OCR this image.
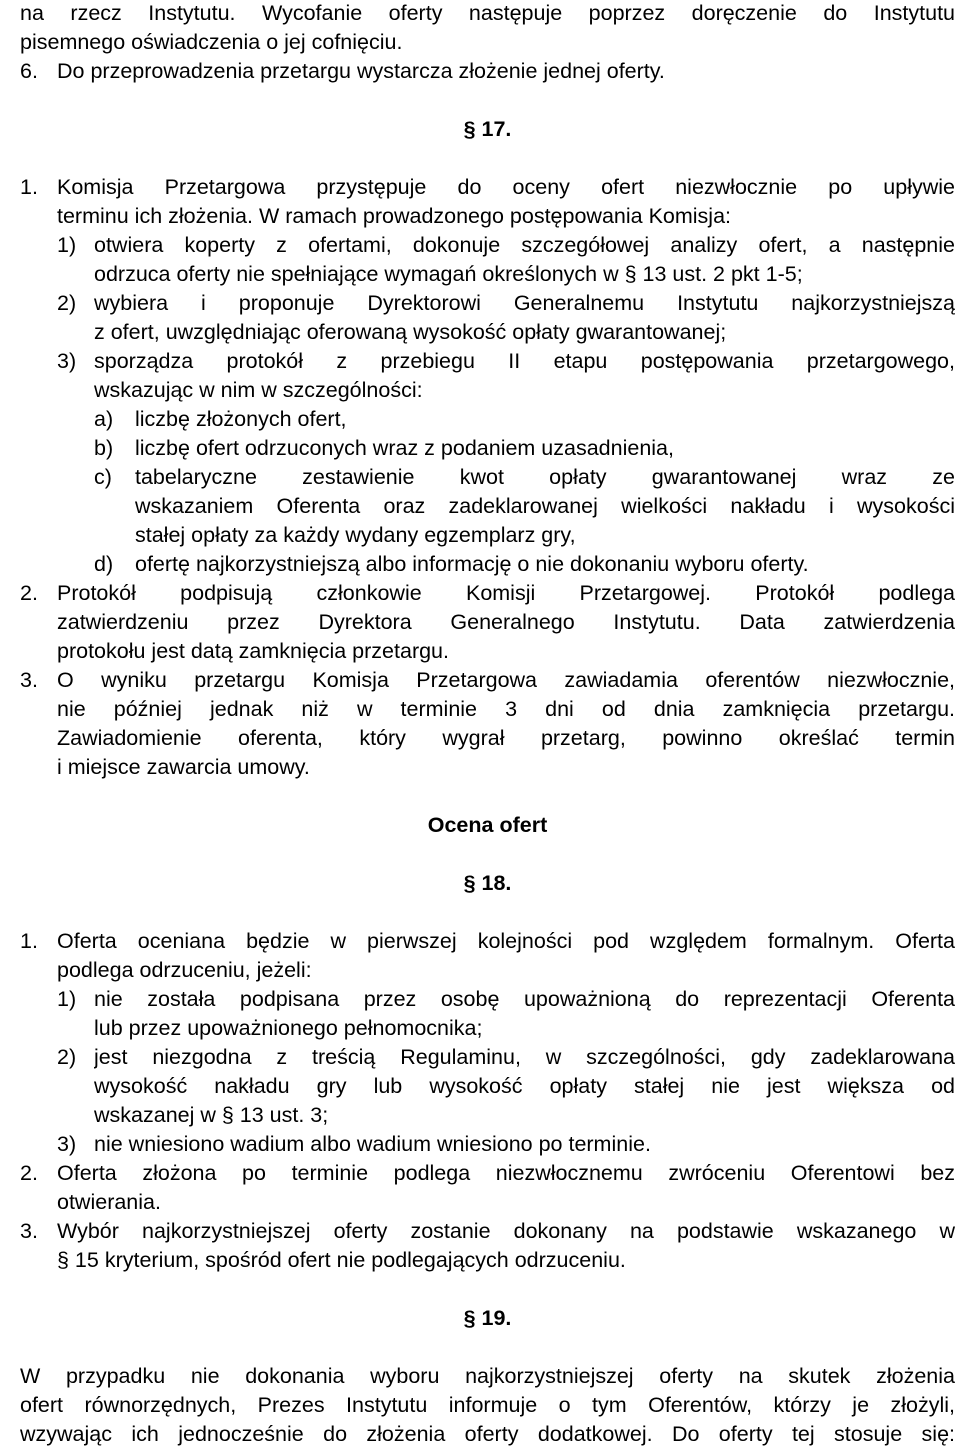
na rzecz Instytutu. Wycofanie oferty następuje poprzez doręczenie do Instytutu
pisemnego oświadczenia o jej cofnięciu.
6. Do przeprowadzenia przetargu wystarcza złożenie jednej oferty.
§ 17.
1. Komisja Przetargowa przystępuje do oceny ofert niezwłocznie po upływie
terminu ich złożenia. W ramach prowadzonego postępowania Komisja:
1) otwiera koperty z ofertami, dokonuje szczegółowej analizy ofert, a następnie
odrzuca oferty nie spełniające wymagań określonych w § 13 ust. 2 pkt 1-5;
2) wybiera i proponuje Dyrektorowi Generalnemu Instytutu najkorzystniejszą
z ofert, uwzględniając oferowaną wysokość opłaty gwarantowanej;
3) sporządza protokół z przebiegu II etapu postępowania przetargowego,
wskazując w nim w szczególności:
a) liczbę złożonych ofert,
b) liczbę ofert odrzuconych wraz z podaniem uzasadnienia,
c) tabelaryczne zestawienie kwot opłaty gwarantowanej wraz ze
wskazaniem Oferenta oraz zadeklarowanej wielkości nakładu i wysokości
stałej opłaty za każdy wydany egzemplarz gry,
d) ofertę najkorzystniejszą albo informację o nie dokonaniu wyboru oferty.
2. Protokół podpisują członkowie Komisji Przetargowej. Protokół podlega
zatwierdzeniu przez Dyrektora Generalnego Instytutu. Data zatwierdzenia
protokołu jest datą zamknięcia przetargu.
3. O wyniku przetargu Komisja Przetargowa zawiadamia oferentów niezwłocznie,
nie później jednak niż w terminie 3 dni od dnia zamknięcia przetargu.
Zawiadomienie oferenta, który wygrał przetarg, powinno określać termin
i miejsce zawarcia umowy.
Ocena ofert
§ 18.
1. Oferta oceniana będzie w pierwszej kolejności pod względem formalnym. Oferta
podlega odrzuceniu, jeżeli:
1) nie została podpisana przez osobę upoważnioną do reprezentacji Oferenta
lub przez upoważnionego pełnomocnika;
2) jest niezgodna z treścią Regulaminu, w szczególności, gdy zadeklarowana
wysokość nakładu gry lub wysokość opłaty stałej nie jest większa od
wskazanej w § 13 ust. 3;
3) nie wniesiono wadium albo wadium wniesiono po terminie.
2. Oferta złożona po terminie podlega niezwłocznemu zwróceniu Oferentowi bez
otwierania.
3. Wybór najkorzystniejszej oferty zostanie dokonany na podstawie wskazanego w
§ 15 kryterium, spośród ofert nie podlegających odrzuceniu.
§ 19.
W przypadku nie dokonania wyboru najkorzystniejszej oferty na skutek złożenia
ofert równorzędnych, Prezes Instytutu informuje o tym Oferentów, którzy je złożyli,
wzywając ich jednocześnie do złożenia oferty dodatkowej. Do oferty tej stosuje się:
